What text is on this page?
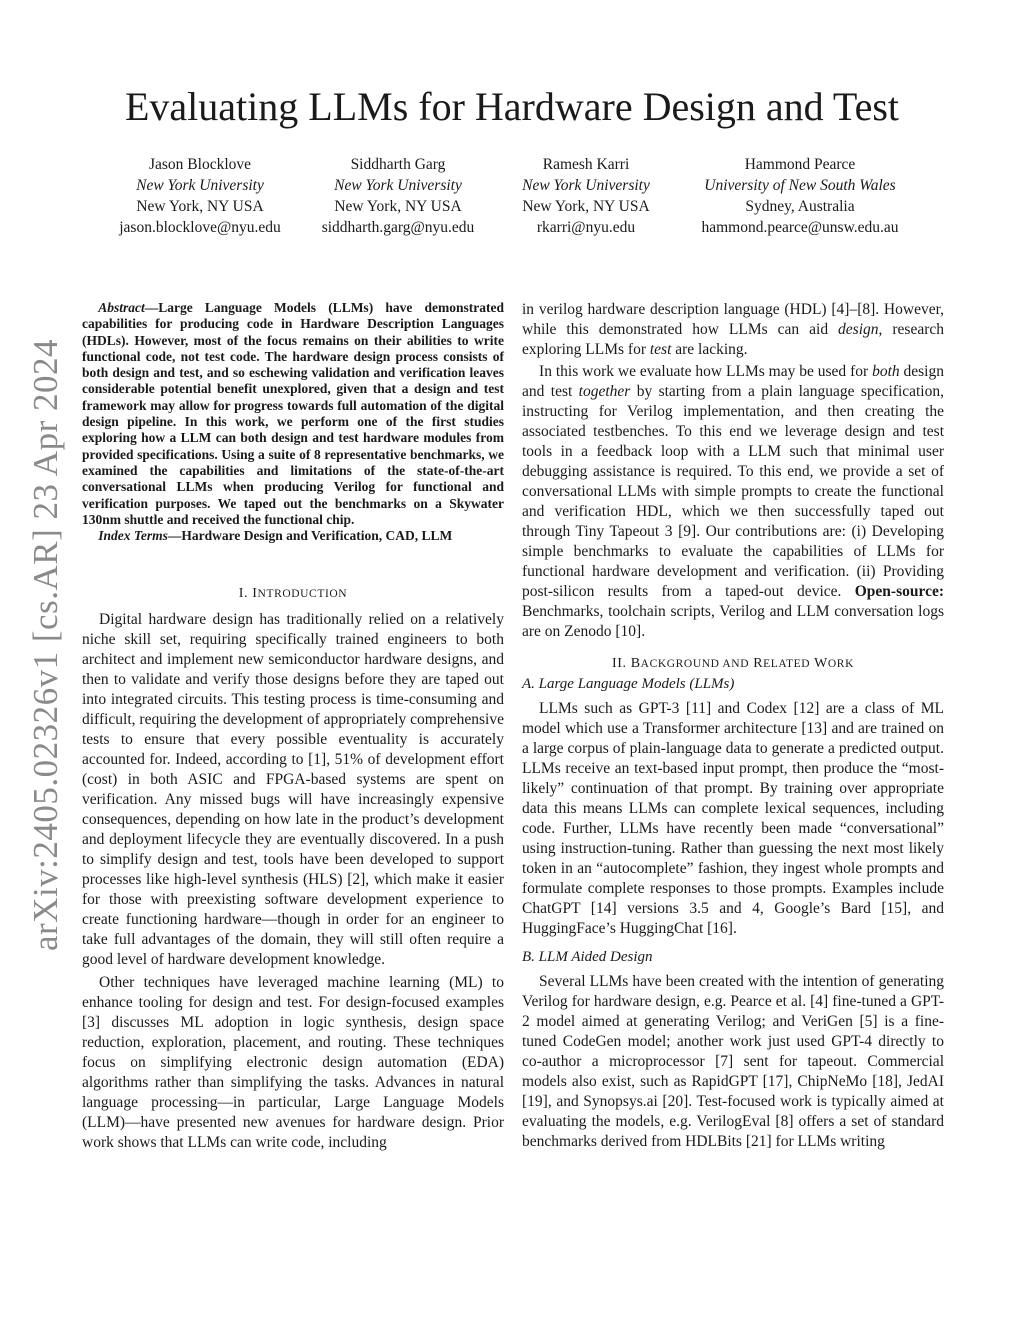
arXiv:2405.02326v1 [cs.AR] 23 Apr 2024
Evaluating LLMs for Hardware Design and Test
Jason Blocklove
New York University
New York, NY USA
jason.blocklove@nyu.edu
Siddharth Garg
New York University
New York, NY USA
siddharth.garg@nyu.edu
Ramesh Karri
New York University
New York, NY USA
rkarri@nyu.edu
Hammond Pearce
University of New South Wales
Sydney, Australia
hammond.pearce@unsw.edu.au

Abstract—Large Language Models (LLMs) have demonstrated capabilities for producing code in Hardware Description Languages (HDLs). However, most of the focus remains on their abilities to write functional code, not test code. The hardware design process consists of both design and test, and so eschewing validation and verification leaves considerable potential benefit unexplored, given that a design and test framework may allow for progress towards full automation of the digital design pipeline. In this work, we perform one of the first studies exploring how a LLM can both design and test hardware modules from provided specifications. Using a suite of 8 representative benchmarks, we examined the capabilities and limitations of the state-of-the-art conversational LLMs when producing Verilog for functional and verification purposes. We taped out the benchmarks on a Skywater 130nm shuttle and received the functional chip.

Index Terms—Hardware Design and Verification, CAD, LLM

I. INTRODUCTION

Digital hardware design has traditionally relied on a relatively niche skill set, requiring specifically trained engineers to both architect and implement new semiconductor hardware designs, and then to validate and verify those designs before they are taped out into integrated circuits. This testing process is time-consuming and difficult, requiring the development of appropriately comprehensive tests to ensure that every possible eventuality is accurately accounted for. Indeed, according to [1], 51% of development effort (cost) in both ASIC and FPGA-based systems are spent on verification. Any missed bugs will have increasingly expensive consequences, depending on how late in the product’s development and deployment lifecycle they are eventually discovered. In a push to simplify design and test, tools have been developed to support processes like high-level synthesis (HLS) [2], which make it easier for those with preexisting software development experience to create functioning hardware—though in order for an engineer to take full advantages of the domain, they will still often require a good level of hardware development knowledge.

Other techniques have leveraged machine learning (ML) to enhance tooling for design and test. For design-focused examples [3] discusses ML adoption in logic synthesis, design space reduction, exploration, placement, and routing. These techniques focus on simplifying electronic design automation (EDA) algorithms rather than simplifying the tasks. Advances in natural language processing—in particular, Large Language Models (LLM)—have presented new avenues for hardware design. Prior work shows that LLMs can write code, including

in verilog hardware description language (HDL) [4]–[8]. However, while this demonstrated how LLMs can aid design, research exploring LLMs for test are lacking.

In this work we evaluate how LLMs may be used for both design and test together by starting from a plain language specification, instructing for Verilog implementation, and then creating the associated testbenches. To this end we leverage design and test tools in a feedback loop with a LLM such that minimal user debugging assistance is required. To this end, we provide a set of conversational LLMs with simple prompts to create the functional and verification HDL, which we then successfully taped out through Tiny Tapeout 3 [9]. Our contributions are: (i) Developing simple benchmarks to evaluate the capabilities of LLMs for functional hardware development and verification. (ii) Providing post-silicon results from a taped-out device. Open-source: Benchmarks, toolchain scripts, Verilog and LLM conversation logs are on Zenodo [10].

II. BACKGROUND AND RELATED WORK

A. Large Language Models (LLMs)

LLMs such as GPT-3 [11] and Codex [12] are a class of ML model which use a Transformer architecture [13] and are trained on a large corpus of plain-language data to generate a predicted output. LLMs receive an text-based input prompt, then produce the “most-likely” continuation of that prompt. By training over appropriate data this means LLMs can complete lexical sequences, including code. Further, LLMs have recently been made “conversational” using instruction-tuning. Rather than guessing the next most likely token in an “autocomplete” fashion, they ingest whole prompts and formulate complete responses to those prompts. Examples include ChatGPT [14] versions 3.5 and 4, Google’s Bard [15], and HuggingFace’s HuggingChat [16].

B. LLM Aided Design

Several LLMs have been created with the intention of generating Verilog for hardware design, e.g. Pearce et al. [4] fine-tuned a GPT-2 model aimed at generating Verilog; and VeriGen [5] is a fine-tuned CodeGen model; another work just used GPT-4 directly to co-author a microprocessor [7] sent for tapeout. Commercial models also exist, such as RapidGPT [17], ChipNeMo [18], JedAI [19], and Synopsys.ai [20]. Test-focused work is typically aimed at evaluating the models, e.g. VerilogEval [8] offers a set of standard benchmarks derived from HDLBits [21] for LLMs writing
